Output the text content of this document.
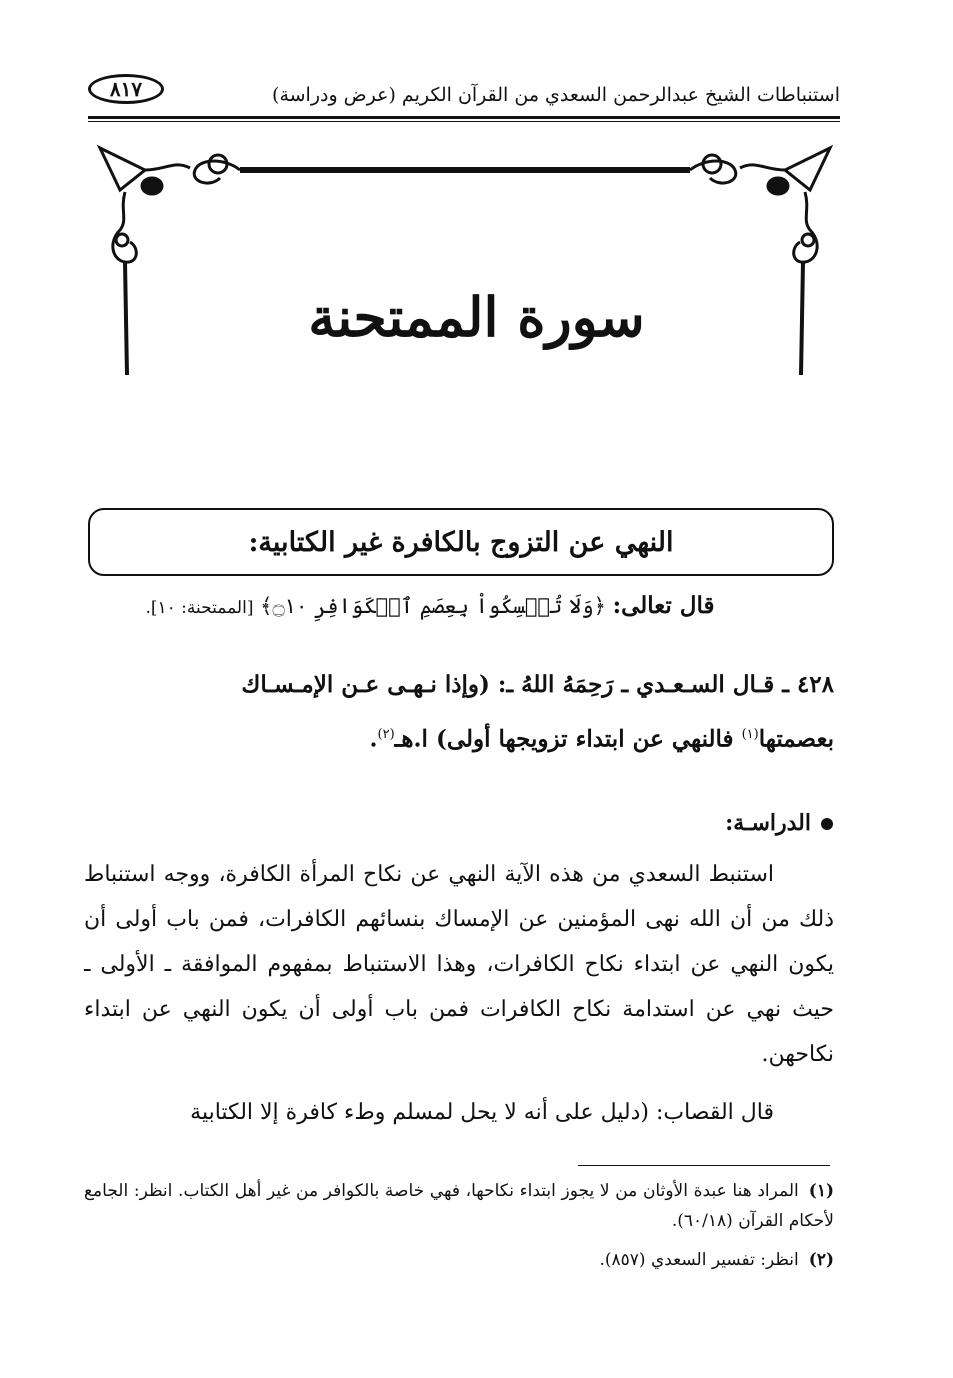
استنباطات الشيخ عبدالرحمن السعدي من القرآن الكريم (عرض ودراسة)
٨١٧
سورة الممتحنة
النهي عن التزوج بالكافرة غير الكتابية:
قال تعالى: ﴿وَلَا تُمۡسِكُواْ بِعِصَمِ ٱلۡكَوَافِرِ ۝١٠﴾ [الممتحنة: ١٠].
٤٢٨ ـ قـال السـعـدي ـ رَحِمَهُ اللهُ ـ: (وإذا نـهـى عـن الإمـسـاك
بعصمتها$^{(١)}$ فالنهي عن ابتداء تزويجها أولى) ا.هـ$^{(٢)}$.
الدراسـة:
استنبط السعدي من هذه الآية النهي عن نكاح المرأة الكافرة، ووجه استنباط ذلك من أن الله نهى المؤمنين عن الإمساك بنسائهم الكافرات، فمن باب أولى أن يكون النهي عن ابتداء نكاح الكافرات، وهذا الاستنباط بمفهوم الموافقة ـ الأولى ـ حيث نهي عن استدامة نكاح الكافرات فمن باب أولى أن يكون النهي عن ابتداء نكاحهن.
قال القصاب: (دليل على أنه لا يحل لمسلم وطء كافرة إلا الكتابية
(١)المراد هنا عبدة الأوثان من لا يجوز ابتداء نكاحها، فهي خاصة بالكوافر من غير أهل الكتاب. انظر: الجامع لأحكام القرآن (٦٠/١٨).
(٢)انظر: تفسير السعدي (٨٥٧).
